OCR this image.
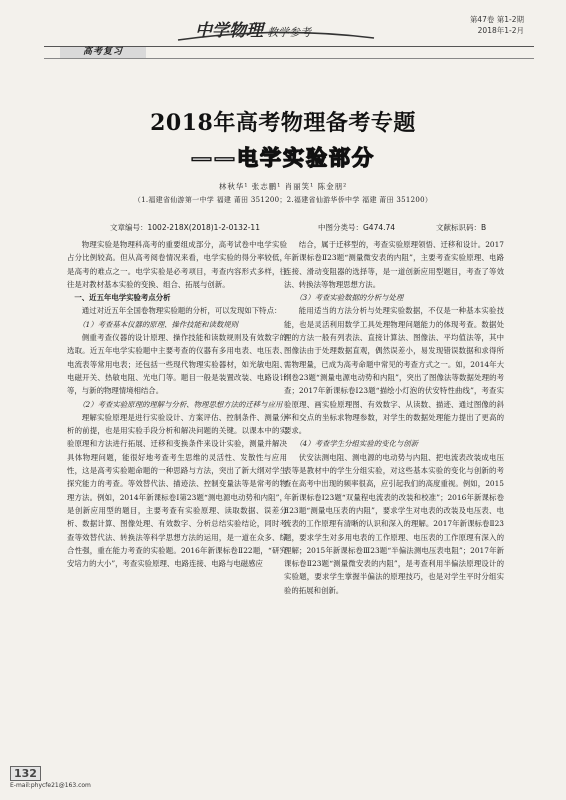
高考复习
中学物理 教学参考
第47卷 第1-2期
2018年1-2月
2018年高考物理备考专题
——电学实验部分
林秋华¹ 张志鹏¹ 肖丽笑¹ 陈金朋²
（1.福建省仙游第一中学 福建 莆田 351200；2.福建省仙游华侨中学 福建 莆田 351200）
文章编号：1002-218X(2018)1-2-0132-11	中图分类号：G474.74	文献标识码：B

物理实验是物理科高考的重要组成部分，高考试卷中电学实验占分比例较高。但从高考阅卷情况来看，电学实验的得分率较低，是高考的难点之一。电学实验是必考项目，考查内容形式多样，往往是对教材基本实验的变换、组合、拓展与创新。

一、近五年电学实验考点分析

通过对近五年全国卷物理实验题的分析，可以发现如下特点：

（1）考查基本仪器的原理、操作技能和读数规则

侧重考查仪器的设计原理、操作技能和读数规则及有效数字的选取。近五年电学实验题中主要考查的仪器有多用电表、电压表、电流表等常用电表；还包括一些现代物理实验器材，如光敏电阻、电磁开关、热敏电阻、光电门等。题目一般是装置改装、电路设计等，与新的物理情境相结合。

（2）考查实验原理的理解与分析、物理思想方法的迁移与应用

理解实验原理是进行实验设计、方案评估、控制条件、测量分析的前提，也是用实验手段分析和解决问题的关键。以课本中的实验原理和方法进行拓展、迁移和变换条件来设计实验，测量并解决具体物理问题，能很好地考查考生思维的灵活性、发散性与应用性，这是高考实验题命题的一种思路与方法，突出了新大纲对学生探究能力的考查。等效替代法、描迹法、控制变量法等是常考的物理方法。例如，2014年新课标卷Ⅰ第23题“测电源电动势和内阻”，是创新应用型的题目，主要考查有实验原理、读取数据、误差分析、数据计算、图像处理、有效数字、分析总结实验结论，同时考查等效替代法、转换法等科学思想方法的运用，是一道在众多、综合性强，重在能力考查的实验题。2016年新课标卷Ⅱ22题，“研究安培力的大小”，考查实验原理、电路连接、电路与电磁感应

结合，属于迁移型的，考查实验原理领悟、迁移和设计。2017年新课标卷Ⅱ23题“测量微安表的内阻”，主要考查实验原理、电路连接、滑动变阻器的选择等，是一道创新应用型题目，考查了等效法、转换法等物理思想方法。

（3）考查实验数据的分析与处理

能用适当的方法分析与处理实验数据，不仅是一种基本实验技能，也是灵活利用数学工具处理物理问题能力的体现考查。数据处理的方法一般有列表法、直接计算法、图像法、平均值法等，其中图像法由于处理数据直观，偶然误差小，易发现错误数据和求得所需物理量，已成为高考命题中常见的考查方式之一。如，2014年大纲卷23题“测量电源电动势和内阻”，突出了图像法等数据处理的考查；2017年新课标卷Ⅰ23题“描绘小灯泡的伏安特性曲线”，考查实验原理、画实验原理图、有效数字、从读数、描迹、通过图像的斜率和交点的坐标求物理参数，对学生的数据处理能力提出了更高的要求。

（4）考查学生分组实验的变化与创新

伏安法测电阻、测电源的电动势与内阻、把电流表改装成电压表等是教材中的学生分组实验，对这些基本实验的变化与创新的考查在高考中出现的频率很高，应引起我们的高度重视。例如，2015年新课标卷Ⅰ23题“双量程电流表的改装和校准”；2016年新课标卷Ⅱ23题“测量电压表的内阻”，要求学生对电表的改装及电压表、电流表的工作原理有清晰的认识和深入的理解。2017年新课标卷Ⅱ23题，要求学生对多用电表的工作原理、电压表的工作原理有深入的理解；2015年新课标卷Ⅲ23题“半偏法测电压表电阻”；2017年新课标卷Ⅱ23题“测量微安表的内阻”，是考查利用半偏法原理设计的实验题，要求学生掌握半偏法的原理技巧，也是对学生平时分组实验的拓展和创新。

132
E-mail:phycfe21@163.com
